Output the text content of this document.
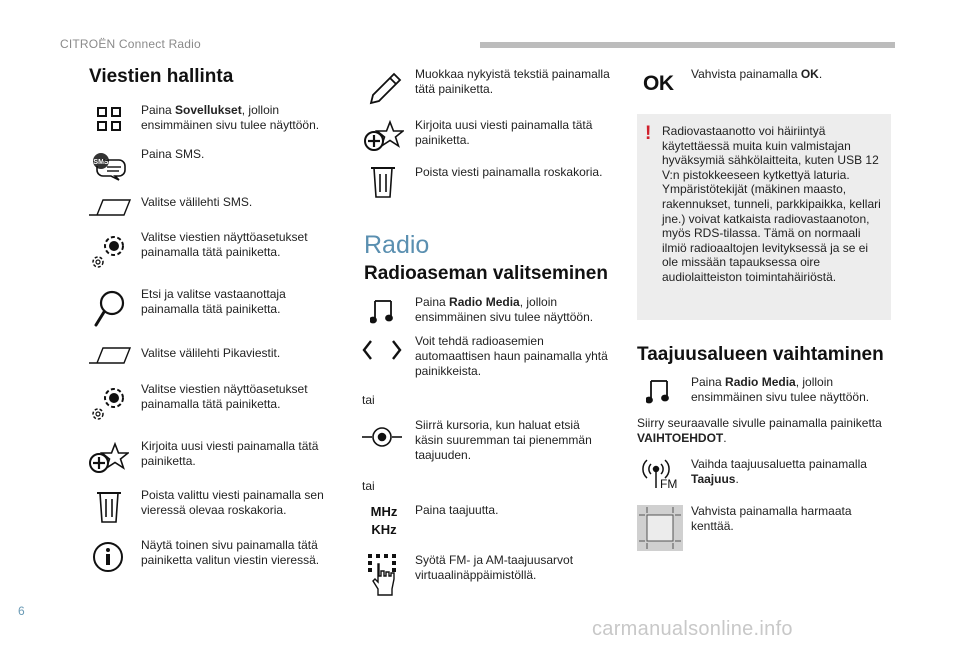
CITROËN Connect Radio
Viestien hallinta
Paina Sovellukset, jolloin ensimmäinen sivu tulee näyttöön.
SMS
Paina SMS.
Valitse välilehti SMS.
Valitse viestien näyttöasetukset painamalla tätä painiketta.
Etsi ja valitse vastaanottaja painamalla tätä painiketta.
Valitse välilehti Pikaviestit.
Valitse viestien näyttöasetukset painamalla tätä painiketta.
Kirjoita uusi viesti painamalla tätä painiketta.
Poista valittu viesti painamalla sen vieressä olevaa roskakoria.
Näytä toinen sivu painamalla tätä painiketta valitun viestin vieressä.
Muokkaa nykyistä tekstiä painamalla tätä painiketta.
Kirjoita uusi viesti painamalla tätä painiketta.
Poista viesti painamalla roskakoria.
Radio
Radioaseman valitseminen
Paina Radio Media, jolloin ensimmäinen sivu tulee näyttöön.
Voit tehdä radioasemien automaattisen haun painamalla yhtä painikkeista.
tai
Siirrä kursoria, kun haluat etsiä käsin suuremman tai pienemmän taajuuden.
tai
MHz
KHz
Paina taajuutta.
Syötä FM- ja AM-taajuusarvot virtuaalinäppäimistöllä.
OK Vahvista painamalla OK.
! Radiovastaanotto voi häiriintyä käytettäessä muita kuin valmistajan hyväksymiä sähkölaitteita, kuten USB 12 V:n pistokkeeseen kytkettyä laturia. Ympäristötekijät (mäkinen maasto, rakennukset, tunneli, parkkipaikka, kellari jne.) voivat katkaista radiovastaanoton, myös RDS-tilassa. Tämä on normaali ilmiö radioaaltojen levityksessä ja se ei ole missään tapauksessa oire audiolaitteiston toimintahäiriöstä.
Taajuusalueen vaihtaminen
Paina Radio Media, jolloin ensimmäinen sivu tulee näyttöön.
Siirry seuraavalle sivulle painamalla painiketta VAIHTOEHDOT.
FM
Vaihda taajuusaluetta painamalla Taajuus.
Vahvista painamalla harmaata kenttää.
6
carmanualsonline.info
